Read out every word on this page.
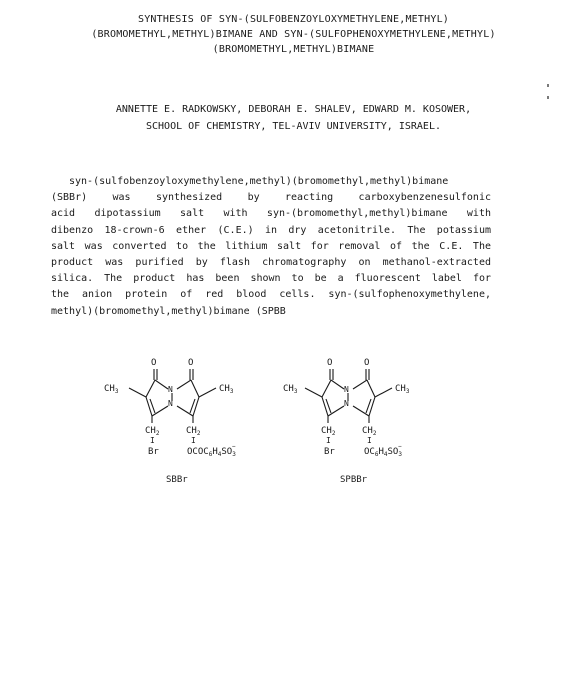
SYNTHESIS OF SYN-(SULFOBENZOYLOXYMETHYLENE,METHYL)
(BROMOMETHYL,METHYL)BIMANE AND SYN-(SULFOPHENOXYMETHYLENE,METHYL)
(BROMOMETHYL,METHYL)BIMANE
ANNETTE E. RADKOWSKY, DEBORAH E. SHALEV, EDWARD M. KOSOWER,
SCHOOL OF CHEMISTRY, TEL-AVIV UNIVERSITY, ISRAEL.
syn-(sulfobenzoyloxymethylene,methyl)(bromomethyl,methyl)bimane
(SBBr) was synthesized by reacting carboxybenzenesulfonic
acid dipotassium salt with syn-(bromomethyl,methyl)bimane with
dibenzo 18-crown-6 ether (C.E.) in dry acetonitrile. The potassium
salt was converted to the lithium salt for removal of the C.E. The
product was purified by flash chromatography on methanol-extracted
silica. The product has been shown to be a fluorescent label for
the anion protein of red blood cells. syn-(sulfophenoxymethylene,
methyl)(bromomethyl,methyl)bimane (SPBB
O	O
N
N
$CH_3$	$CH_3$
$CH_2$	$CH_2$
I	I
Br	$OCOC_6H_4SO_3-$
SBBr
O	O
N
N
$CH_3$	$CH_3$
$CH_2$	$CH_2$
I	I
Br	$OC_6H_4SO_3-$
SPBBr
